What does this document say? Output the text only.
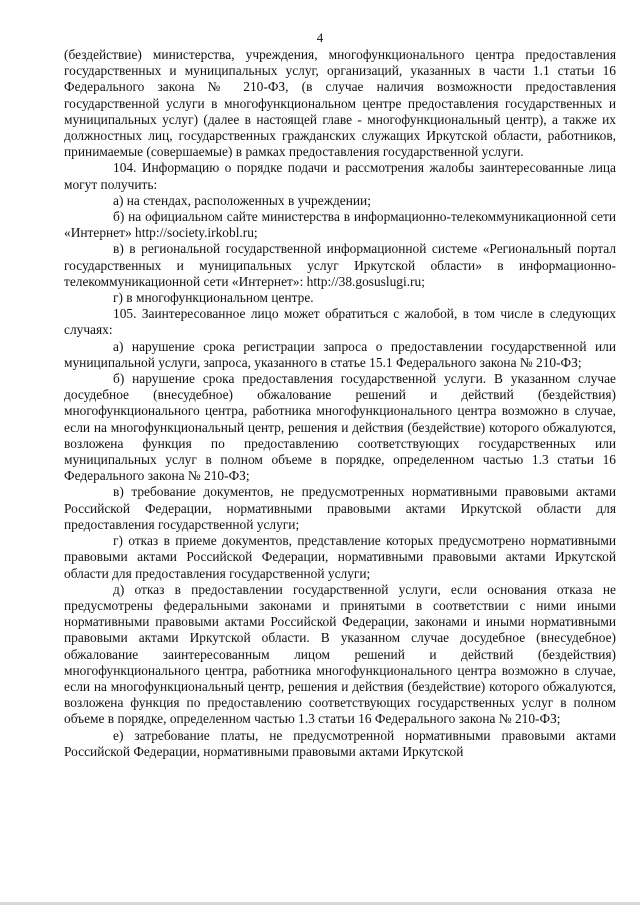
4

(бездействие) министерства, учреждения, многофункционального центра предоставления государственных и муниципальных услуг, организаций, указанных в части 1.1 статьи 16 Федерального закона № 210-ФЗ, (в случае наличия возможности предоставления государственной услуги в многофункциональном центре предоставления государственных и муниципальных услуг) (далее в настоящей главе - многофункциональный центр), а также их должностных лиц, государственных гражданских служащих Иркутской области, работников, принимаемые (совершаемые) в рамках предоставления государственной услуги.

104. Информацию о порядке подачи и рассмотрения жалобы заинтересованные лица могут получить:

а) на стендах, расположенных в учреждении;

б) на официальном сайте министерства в информационно-телекоммуникационной сети «Интернет» http://society.irkobl.ru;

в) в региональной государственной информационной системе «Региональный портал государственных и муниципальных услуг Иркутской области» в информационно-телекоммуникационной сети «Интернет»: http://38.gosuslugi.ru;

г) в многофункциональном центре.

105. Заинтересованное лицо может обратиться с жалобой, в том числе в следующих случаях:

а) нарушение срока регистрации запроса о предоставлении государственной или муниципальной услуги, запроса, указанного в статье 15.1 Федерального закона № 210-ФЗ;

б) нарушение срока предоставления государственной услуги. В указанном случае досудебное (внесудебное) обжалование решений и действий (бездействия) многофункционального центра, работника многофункционального центра возможно в случае, если на многофункциональный центр, решения и действия (бездействие) которого обжалуются, возложена функция по предоставлению соответствующих государственных или муниципальных услуг в полном объеме в порядке, определенном частью 1.3 статьи 16 Федерального закона № 210-ФЗ;

в) требование документов, не предусмотренных нормативными правовыми актами Российской Федерации, нормативными правовыми актами Иркутской области для предоставления государственной услуги;

г) отказ в приеме документов, представление которых предусмотрено нормативными правовыми актами Российской Федерации, нормативными правовыми актами Иркутской области для предоставления государственной услуги;

д) отказ в предоставлении государственной услуги, если основания отказа не предусмотрены федеральными законами и принятыми в соответствии с ними иными нормативными правовыми актами Российской Федерации, законами и иными нормативными правовыми актами Иркутской области. В указанном случае досудебное (внесудебное) обжалование заинтересованным лицом решений и действий (бездействия) многофункционального центра, работника многофункционального центра возможно в случае, если на многофункциональный центр, решения и действия (бездействие) которого обжалуются, возложена функция по предоставлению соответствующих государственных услуг в полном объеме в порядке, определенном частью 1.3 статьи 16 Федерального закона № 210-ФЗ;

е) затребование платы, не предусмотренной нормативными правовыми актами Российской Федерации, нормативными правовыми актами Иркутской
